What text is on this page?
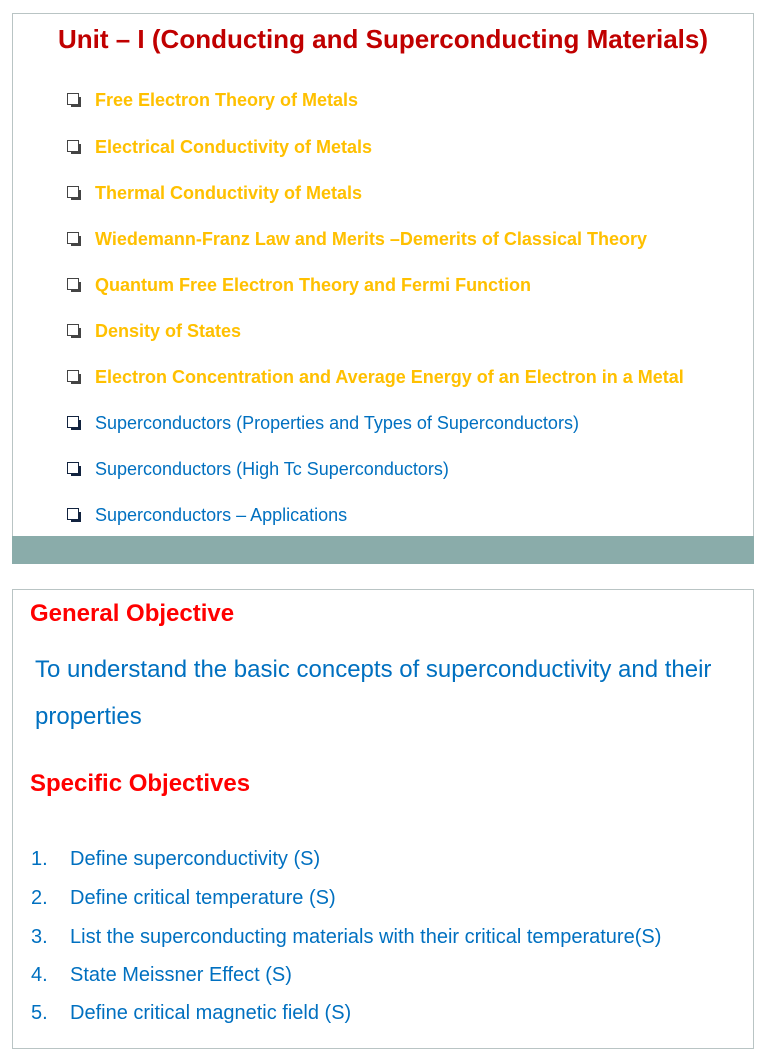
Unit – I (Conducting and Superconducting Materials)
Free Electron Theory of Metals
Electrical Conductivity of Metals
Thermal Conductivity of Metals
Wiedemann-Franz Law and Merits –Demerits of Classical Theory
Quantum Free Electron Theory and Fermi Function
Density of States
Electron Concentration and Average Energy of an Electron in a Metal
Superconductors (Properties and Types of Superconductors)
Superconductors (High Tc Superconductors)
Superconductors – Applications
General Objective
To understand the basic concepts of superconductivity and their properties
Specific Objectives
1. Define superconductivity (S)
2. Define critical temperature (S)
3. List the superconducting materials with their critical temperature(S)
4. State Meissner Effect (S)
5. Define critical magnetic field (S)
